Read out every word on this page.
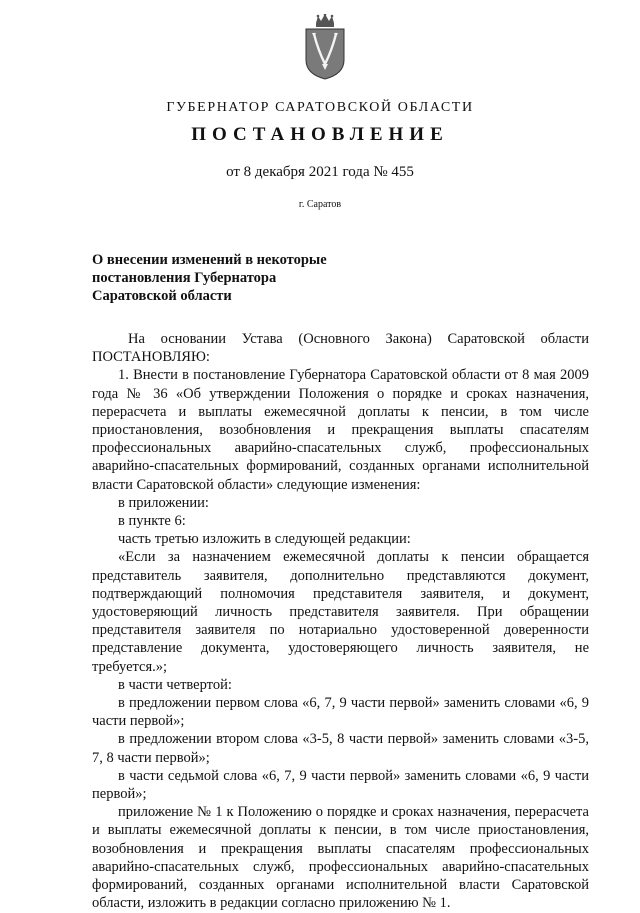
ГУБЕРНАТОР САРАТОВСКОЙ ОБЛАСТИ
ПОСТАНОВЛЕНИЕ
от 8 декабря 2021 года № 455
г. Саратов
О внесении изменений в некоторые
постановления Губернатора
Саратовской области

На основании Устава (Основного Закона) Саратовской области ПОСТАНОВЛЯЮ:

1. Внести в постановление Губернатора Саратовской области от 8 мая 2009 года № 36 «Об утверждении Положения о порядке и сроках назначения, перерасчета и выплаты ежемесячной доплаты к пенсии, в том числе приостановления, возобновления и прекращения выплаты спасателям профессиональных аварийно-спасательных служб, профессиональных аварийно-спасательных формирований, созданных органами исполнительной власти Саратовской области» следующие изменения:

в приложении:

в пункте 6:

часть третью изложить в следующей редакции:

«Если за назначением ежемесячной доплаты к пенсии обращается представитель заявителя, дополнительно представляются документ, подтверждающий полномочия представителя заявителя, и документ, удостоверяющий личность представителя заявителя. При обращении представителя заявителя по нотариально удостоверенной доверенности представление документа, удостоверяющего личность заявителя, не требуется.»;

в части четвертой:

в предложении первом слова «6, 7, 9 части первой» заменить словами «6, 9 части первой»;

в предложении втором слова «3-5, 8 части первой» заменить словами «3-5, 7, 8 части первой»;

в части седьмой слова «6, 7, 9 части первой» заменить словами «6, 9 части первой»;

приложение № 1 к Положению о порядке и сроках назначения, перерасчета и выплаты ежемесячной доплаты к пенсии, в том числе приостановления, возобновления и прекращения выплаты спасателям профессиональных аварийно-спасательных служб, профессиональных аварийно-спасательных формирований, созданных органами исполнительной власти Саратовской области, изложить в редакции согласно приложению № 1.
